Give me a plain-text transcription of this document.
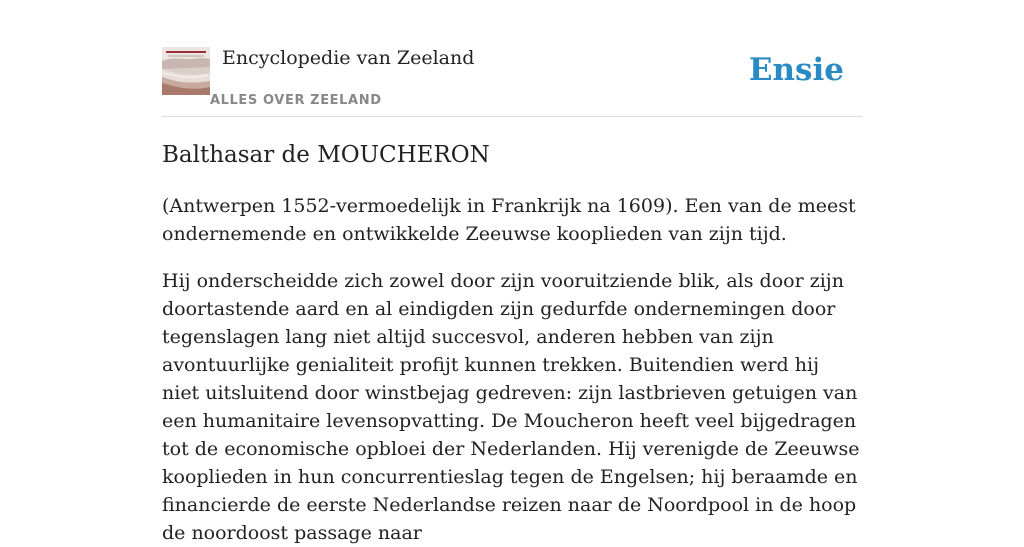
Encyclopedie van Zeeland
ALLES OVER ZEELAND
Ensie
Balthasar de MOUCHERON

(Antwerpen 1552-vermoedelijk in Frankrijk na 1609). Een van de meest ondernemende en ontwikkelde Zeeuwse kooplieden van zijn tijd.

Hij onderscheidde zich zowel door zijn vooruitziende blik, als door zijn doortastende aard en al eindigden zijn gedurfde ondernemingen door tegenslagen lang niet altijd succesvol, anderen hebben van zijn avontuurlijke genialiteit profijt kunnen trekken. Buitendien werd hij niet uitsluitend door winstbejag gedreven: zijn lastbrieven getuigen van een humanitaire levensopvatting. De Moucheron heeft veel bijgedragen tot de economische opbloei der Nederlanden. Hij verenigde de Zeeuwse kooplieden in hun concurrentieslag tegen de Engelsen; hij beraamde en financierde de eerste Nederlandse reizen naar de Noordpool in de hoop de noordoost passage naar
